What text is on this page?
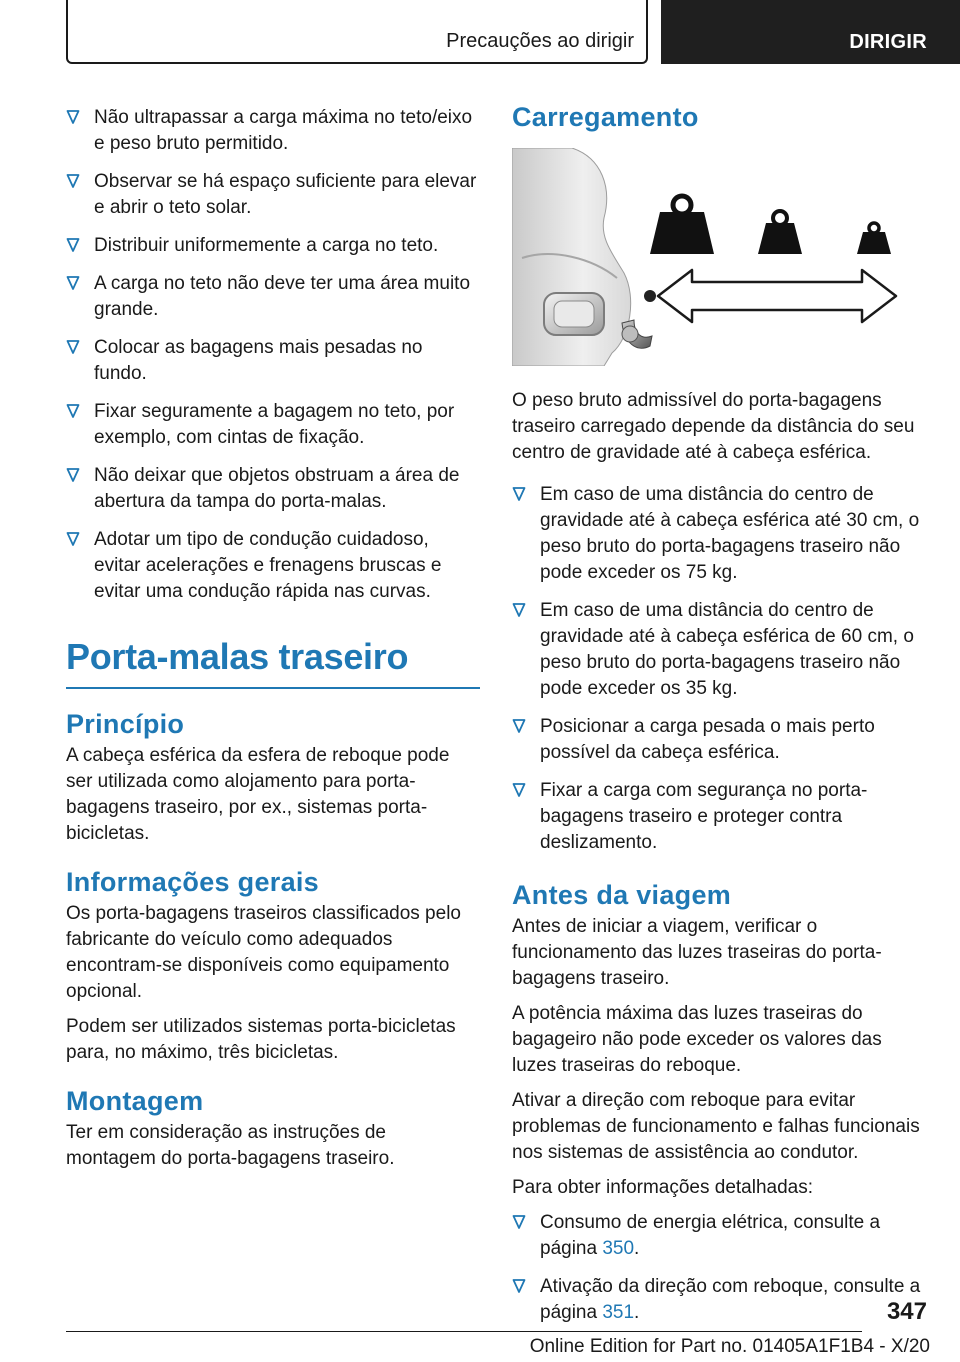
Precauções ao dirigir	DIRIGIR
Não ultrapassar a carga máxima no teto/eixo e peso bruto permitido.
Observar se há espaço suficiente para elevar e abrir o teto solar.
Distribuir uniformemente a carga no teto.
A carga no teto não deve ter uma área muito grande.
Colocar as bagagens mais pesadas no fundo.
Fixar seguramente a bagagem no teto, por exemplo, com cintas de fixação.
Não deixar que objetos obstruam a área de abertura da tampa do porta-malas.
Adotar um tipo de condução cuidadoso, evitar acelerações e frenagens bruscas e evitar uma condução rápida nas curvas.
Porta-malas traseiro
Princípio

A cabeça esférica da esfera de reboque pode ser utilizada como alojamento para porta-bagagens traseiro, por ex., sistemas porta-bicicletas.

Informações gerais

Os porta-bagagens traseiros classificados pelo fabricante do veículo como adequados encontram-se disponíveis como equipamento opcional.

Podem ser utilizados sistemas porta-bicicletas para, no máximo, três bicicletas.

Montagem

Ter em consideração as instruções de montagem do porta-bagagens traseiro.

Carregamento

O peso bruto admissível do porta-bagagens traseiro carregado depende da distância do seu centro de gravidade até à cabeça esférica.

Em caso de uma distância do centro de gravidade até à cabeça esférica até 30 cm, o peso bruto do porta-bagagens traseiro não pode exceder os 75 kg.
Em caso de uma distância do centro de gravidade até à cabeça esférica de 60 cm, o peso bruto do porta-bagagens traseiro não pode exceder os 35 kg.
Posicionar a carga pesada o mais perto possível da cabeça esférica.
Fixar a carga com segurança no porta-bagagens traseiro e proteger contra deslizamento.
Antes da viagem

Antes de iniciar a viagem, verificar o funcionamento das luzes traseiras do porta-bagagens traseiro.

A potência máxima das luzes traseiras do bagageiro não pode exceder os valores das luzes traseiras do reboque.

Ativar a direção com reboque para evitar problemas de funcionamento e falhas funcionais nos sistemas de assistência ao condutor.

Para obter informações detalhadas:

Consumo de energia elétrica, consulte a página 350.
Ativação da direção com reboque, consulte a página 351.	347
Online Edition for Part no. 01405A1F1B4 - X/20
